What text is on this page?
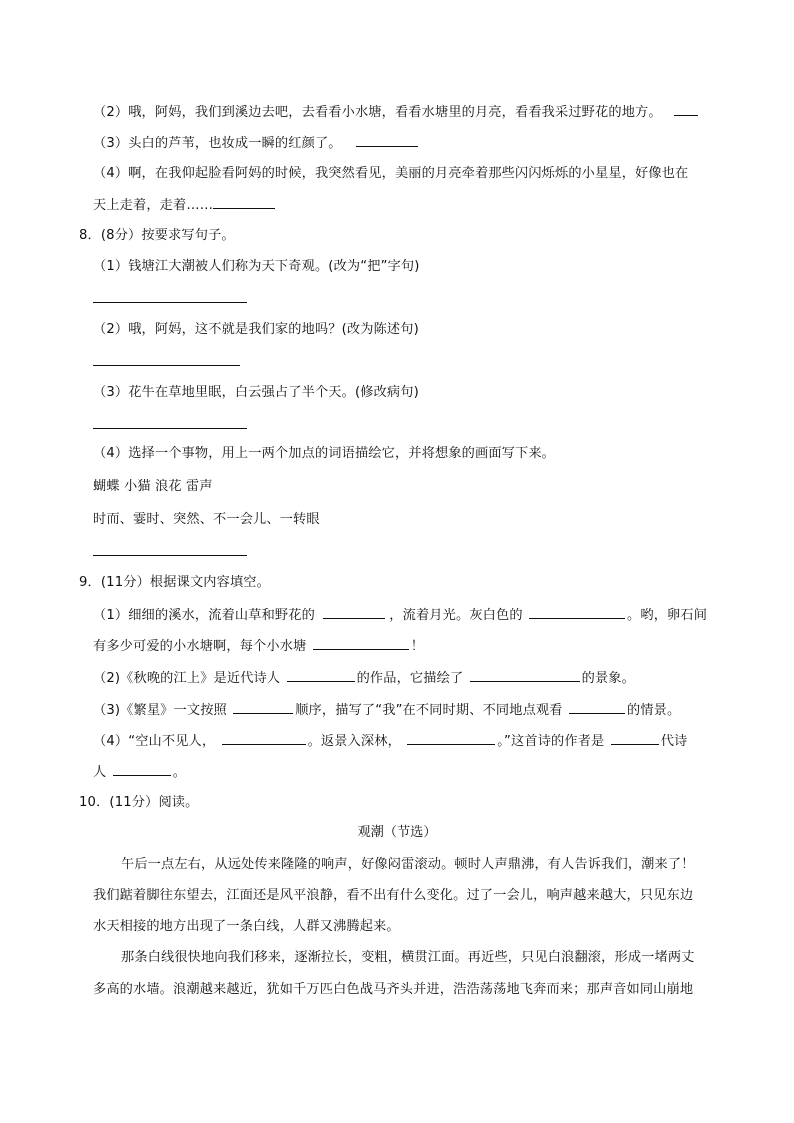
（2）哦，阿妈，我们到溪边去吧，去看看小水塘，看看水塘里的月亮，看看我采过野花的地方。
（3）头白的芦苇，也妆成一瞬的红颜了。
（4）啊，在我仰起脸看阿妈的时候，我突然看见，美丽的月亮牵着那些闪闪烁烁的小星星，好像也在
天上走着，走着……
8．(8分）按要求写句子。
（1）钱塘江大潮被人们称为天下奇观。(改为“把”字句)
（2）哦，阿妈，这不就是我们家的地吗？(改为陈述句)
（3）花牛在草地里眠，白云强占了半个天。(修改病句)
（4）选择一个事物，用上一两个加点的词语描绘它，并将想象的画面写下来。
蝴蝶 小猫 浪花 雷声
时而、霎时、突然、不一会儿、一转眼
9．(11分）根据课文内容填空。
（1）细细的溪水，流着山草和野花的	，流着月光。灰白色的	。哟，卵石间
有多少可爱的小水塘啊，每个小水塘	！
（2)《秋晚的江上》是近代诗人	的作品，它描绘了	的景象。
（3)《繁星》一文按照	顺序，描写了“我”在不同时期、不同地点观看	的情景。
（4）“空山不见人，	。返景入深林，	。”这首诗的作者是	代诗
人	。
10．(11分）阅读。
观潮（节选）
午后一点左右，从远处传来隆隆的响声，好像闷雷滚动。顿时人声鼎沸，有人告诉我们，潮来了！
我们踮着脚往东望去，江面还是风平浪静，看不出有什么变化。过了一会儿，响声越来越大，只见东边
水天相接的地方出现了一条白线，人群又沸腾起来。
那条白线很快地向我们移来，逐渐拉长，变粗，横贯江面。再近些，只见白浪翻滚，形成一堵两丈
多高的水墙。浪潮越来越近，犹如千万匹白色战马齐头并进，浩浩荡荡地飞奔而来；那声音如同山崩地
